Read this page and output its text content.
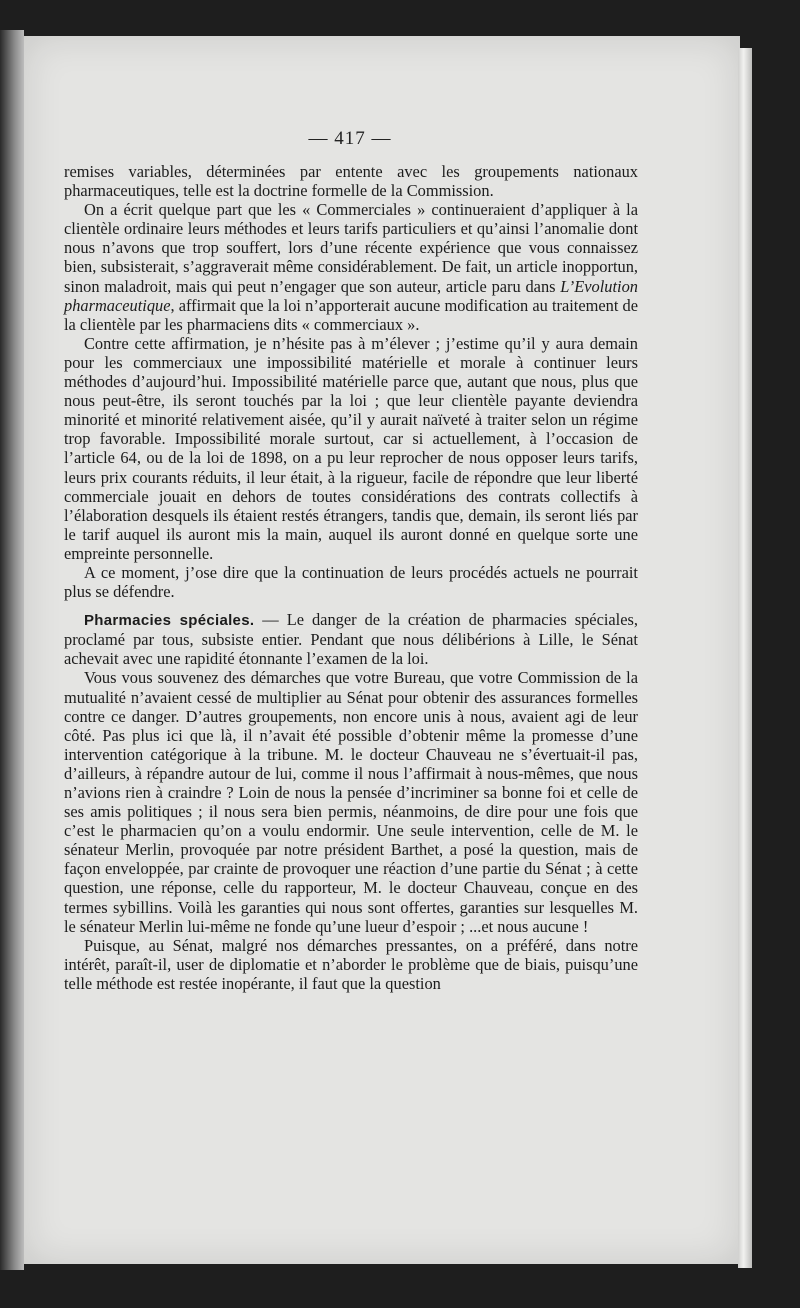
— 417 —

remises variables, déterminées par entente avec les groupements nationaux pharmaceutiques, telle est la doctrine formelle de la Commission.

On a écrit quelque part que les « Commerciales » continueraient d’appliquer à la clientèle ordinaire leurs méthodes et leurs tarifs particuliers et qu’ainsi l’anomalie dont nous n’avons que trop souffert, lors d’une récente expérience que vous connaissez bien, subsisterait, s’aggraverait même considérablement. De fait, un article inopportun, sinon maladroit, mais qui peut n’engager que son auteur, article paru dans L’Evolution pharmaceutique, affirmait que la loi n’apporterait aucune modification au traitement de la clientèle par les pharmaciens dits « commerciaux ».

Contre cette affirmation, je n’hésite pas à m’élever ; j’estime qu’il y aura demain pour les commerciaux une impossibilité matérielle et morale à continuer leurs méthodes d’aujourd’hui. Impossibilité matérielle parce que, autant que nous, plus que nous peut-être, ils seront touchés par la loi ; que leur clientèle payante deviendra minorité et minorité relativement aisée, qu’il y aurait naïveté à traiter selon un régime trop favorable. Impossibilité morale surtout, car si actuellement, à l’occasion de l’article 64, ou de la loi de 1898, on a pu leur reprocher de nous opposer leurs tarifs, leurs prix courants réduits, il leur était, à la rigueur, facile de répondre que leur liberté commerciale jouait en dehors de toutes considérations des contrats collectifs à l’élaboration desquels ils étaient restés étrangers, tandis que, demain, ils seront liés par le tarif auquel ils auront mis la main, auquel ils auront donné en quelque sorte une empreinte personnelle.

A ce moment, j’ose dire que la continuation de leurs procédés actuels ne pourrait plus se défendre.

Pharmacies spéciales. — Le danger de la création de pharmacies spéciales, proclamé par tous, subsiste entier. Pendant que nous délibérions à Lille, le Sénat achevait avec une rapidité étonnante l’examen de la loi.

Vous vous souvenez des démarches que votre Bureau, que votre Commission de la mutualité n’avaient cessé de multiplier au Sénat pour obtenir des assurances formelles contre ce danger. D’autres groupements, non encore unis à nous, avaient agi de leur côté. Pas plus ici que là, il n’avait été possible d’obtenir même la promesse d’une intervention catégorique à la tribune. M. le docteur Chauveau ne s’évertuait-il pas, d’ailleurs, à répandre autour de lui, comme il nous l’affirmait à nous-mêmes, que nous n’avions rien à craindre ? Loin de nous la pensée d’incriminer sa bonne foi et celle de ses amis politiques ; il nous sera bien permis, néanmoins, de dire pour une fois que c’est le pharmacien qu’on a voulu endormir. Une seule intervention, celle de M. le sénateur Merlin, provoquée par notre président Barthet, a posé la question, mais de façon enveloppée, par crainte de provoquer une réaction d’une partie du Sénat ; à cette question, une réponse, celle du rapporteur, M. le docteur Chauveau, conçue en des termes sybillins. Voilà les garanties qui nous sont offertes, garanties sur lesquelles M. le sénateur Merlin lui-même ne fonde qu’une lueur d’espoir ; ...et nous aucune !

Puisque, au Sénat, malgré nos démarches pressantes, on a préféré, dans notre intérêt, paraît-il, user de diplomatie et n’aborder le problème que de biais, puisqu’une telle méthode est restée inopérante, il faut que la question
